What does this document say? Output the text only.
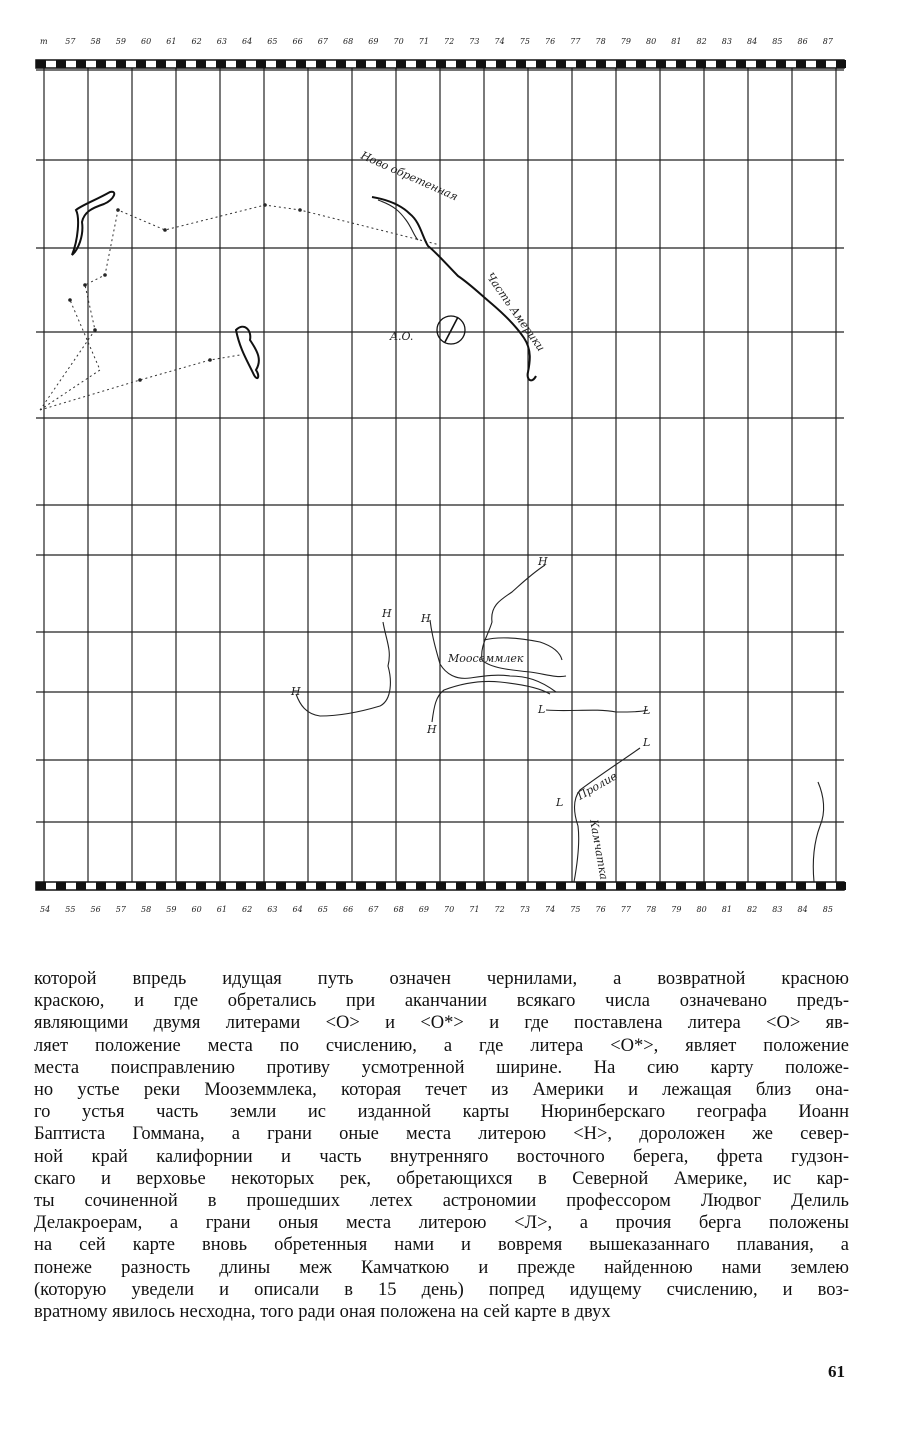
m 57 58 59 60 61 62 63 64 65 66 67 68 69 70 71 72 73 74 75 76 77 78 79 80 81 82 83 84 85 86 87
54 55 56 57 58 59 60 61 62 63 64 65 66 67 68 69 70 71 72 73 74 75 76 77 78 79 80 81 82 83 84 85
Ново обретенная
Часть Америки
Моосеммлек
Пролив
Камчатка
H
H	H
H
H
L	L
L
L
A.O.
которой впредь идущая путь означен чернилами, а возвратной красною
краскою, и где обретались при аканчании всякаго числа означевано предъ-
являющими двумя литерами <O> и <O*> и где поставлена литера <O> яв-
ляет положение места по счислению, а где литера <O*>, являет положение
места поисправлению противу усмотренной ширине. На сию карту положе-
но устье реки Мооземмлека, которая течет из Америки и лежащая близ она-
го устья часть земли ис изданной карты Нюринберскаго географа Иоанн
Баптиста Гоммана, а грани оные места литерою <H>, дopoложен же север-
ной край калифорнии и часть внутренняго восточного берега, фрета гудзон-
скаго и верховье некоторых рек, обретающихся в Северной Америке, ис кар-
ты сочиненной в прошедших летех астрономии профессором Людвог Делиль
Делакроерам, а грани оныя места литерою <Л>, а прочия берга положены
на сей карте вновь обретенныя нами и вовремя вышеказаннаго плавания, а
понеже разность длины меж Камчаткою и прежде найденною нами землею
(которую уведели и описали в 15 день) попред идущему счислению, и воз-
вратному явилось несходна, того ради оная положена на сей карте в двух
61
